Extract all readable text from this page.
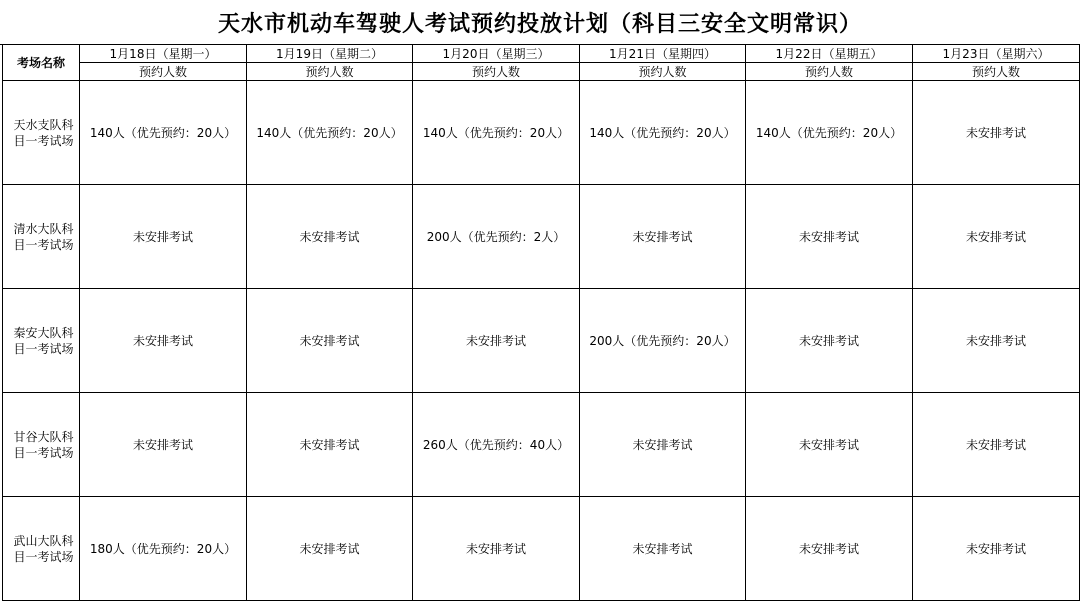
天水市机动车驾驶人考试预约投放计划（科目三安全文明常识）
考场名称	1月18日（星期一）	1月19日（星期二）	1月20日（星期三）	1月21日（星期四）	1月22日（星期五）	1月23日（星期六）
	预约人数	预约人数	预约人数	预约人数	预约人数	预约人数
天水支队科目一考试场	140人（优先预约：20人）	140人（优先预约：20人）	140人（优先预约：20人）	140人（优先预约：20人）	140人（优先预约：20人）	未安排考试
清水大队科目一考试场	未安排考试	未安排考试	200人（优先预约：2人）	未安排考试	未安排考试	未安排考试
秦安大队科目一考试场	未安排考试	未安排考试	未安排考试	200人（优先预约：20人）	未安排考试	未安排考试
甘谷大队科目一考试场	未安排考试	未安排考试	260人（优先预约：40人）	未安排考试	未安排考试	未安排考试
武山大队科目一考试场	180人（优先预约：20人）	未安排考试	未安排考试	未安排考试	未安排考试	未安排考试
